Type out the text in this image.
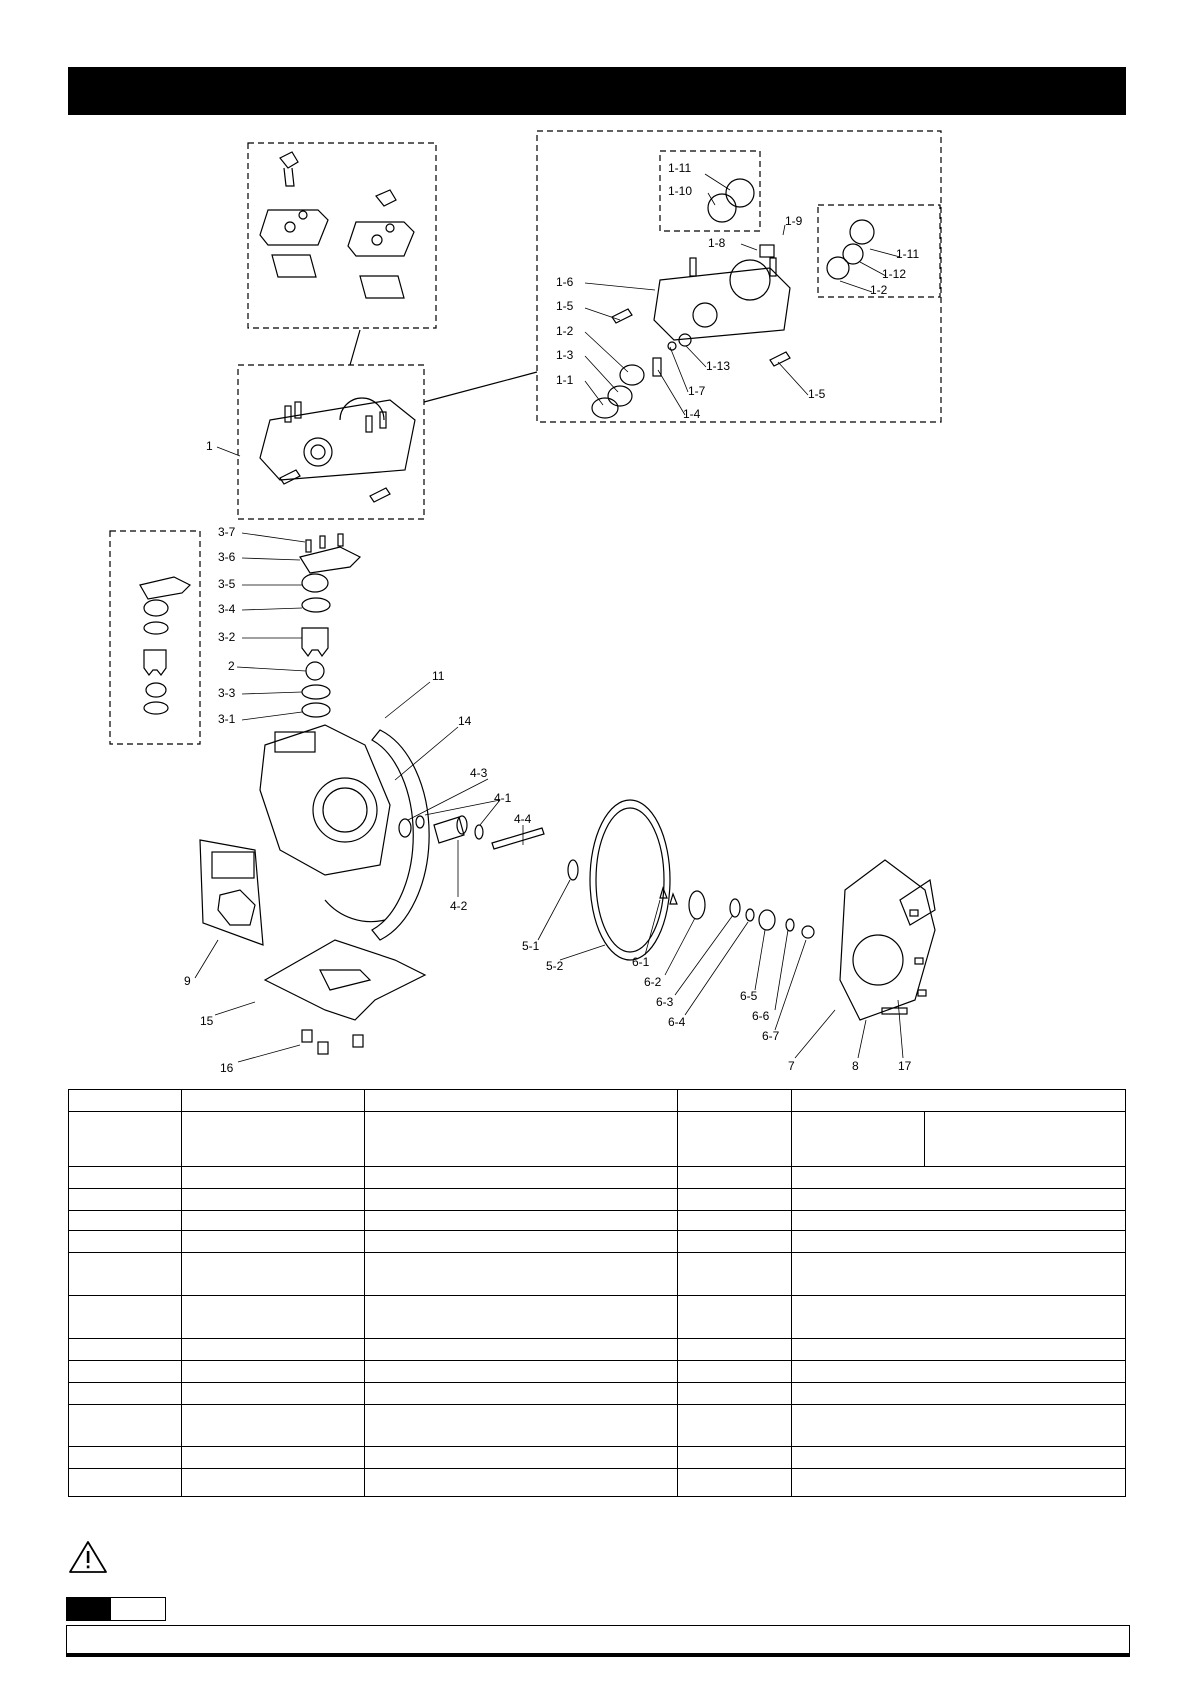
1-11
1-10
1-9
1-8
1-11
1-12
1-2
1-6
1-5
1-2
1-3
1-1
1-13
1-7
1-4
1-5
1
3-7
3-6
3-5
3-4
3-2
2
3-3
3-1
11
14
4-3
4-1
4-4
4-2
5-1
5-2	6-1
6-2
6-3
6-4
6-5
6-6
6-7
9
15
16	7	8	17
